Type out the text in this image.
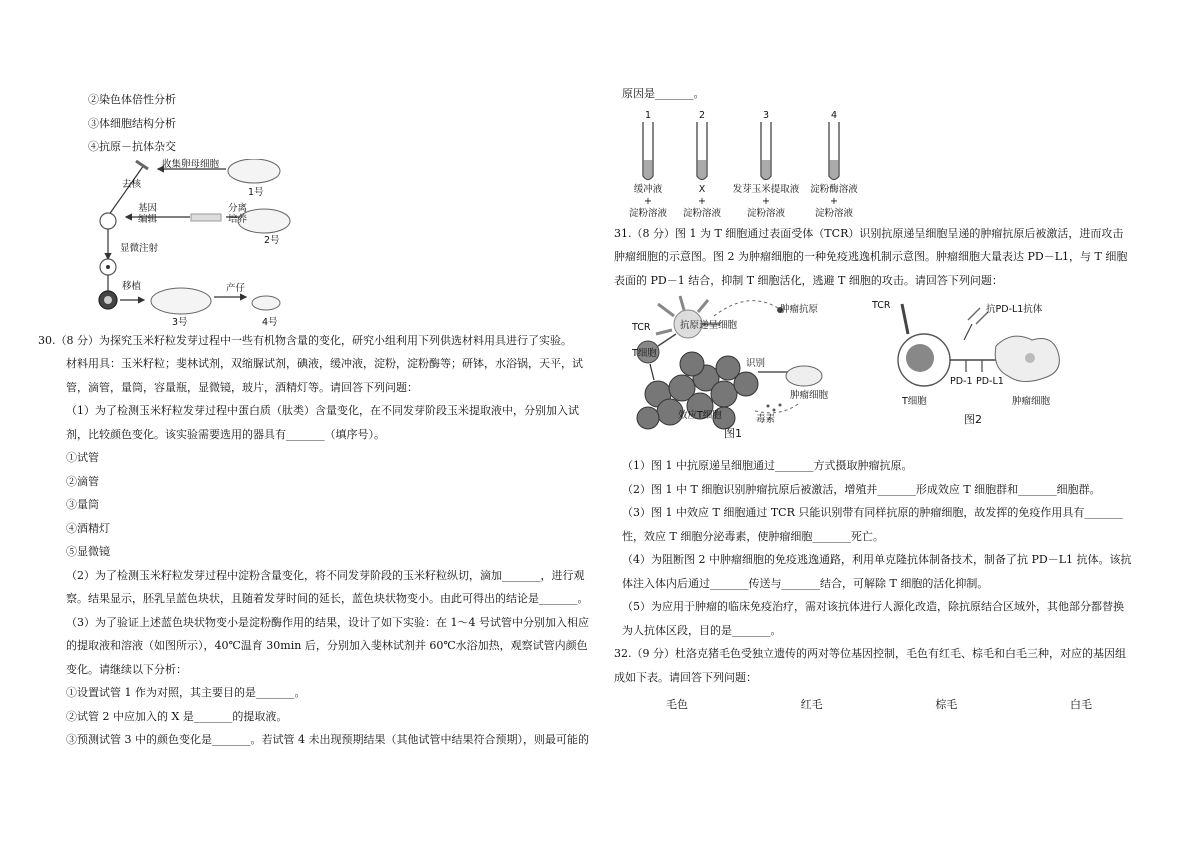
②染色体倍性分析

③体细胞结构分析

④抗原－抗体杂交

收集卵母细胞
去核
1号
基因
编辑
分离
培养
2号
显微注射
移植	产仔
3号	4号

30.（8 分）为探究玉米籽粒发芽过程中一些有机物含量的变化，研究小组利用下列供选材料用具进行了实验。

材料用具：玉米籽粒；斐林试剂，双缩脲试剂，碘液，缓冲液，淀粉，淀粉酶等；研钵，水浴锅，天平，试管，滴管，量筒，容量瓶，显微镜，玻片，酒精灯等。请回答下列问题：

（1）为了检测玉米籽粒发芽过程中蛋白质（肽类）含量变化，在不同发芽阶段玉米提取液中，分别加入试剂，比较颜色变化。该实验需要选用的器具有_______（填序号）。

①试管

②滴管

③量筒

④酒精灯

⑤显微镜

（2）为了检测玉米籽粒发芽过程中淀粉含量变化，将不同发芽阶段的玉米籽粒纵切，滴加_______，进行观察。结果显示，胚乳呈蓝色块状，且随着发芽时间的延长，蓝色块状物变小。由此可得出的结论是_______。

（3）为了验证上述蓝色块状物变小是淀粉酶作用的结果，设计了如下实验：在 1～4 号试管中分别加入相应的提取液和溶液（如图所示），40℃温育 30min 后，分别加入斐林试剂并 60℃水浴加热，观察试管内颜色变化。请继续以下分析：

①设置试管 1 作为对照，其主要目的是_______。

②试管 2 中应加入的 X 是_______的提取液。

③预测试管 3 中的颜色变化是_______。若试管 4 未出现预期结果（其他试管中结果符合预期），则最可能的

原因是_______。

1
缓冲液
+
淀粉溶液
2
X
+
淀粉溶液
3
发芽玉米提取液
+
淀粉溶液
4
淀粉酶溶液
+
淀粉溶液

31.（8 分）图 1 为 T 细胞通过表面受体（TCR）识别抗原递呈细胞呈递的肿瘤抗原后被激活，进而攻击肿瘤细胞的示意图。图 2 为肿瘤细胞的一种免疫逃逸机制示意图。肿瘤细胞大量表达 PD－L1，与 T 细胞表面的 PD－1 结合，抑制 T 细胞活化，逃避 T 细胞的攻击。请回答下列问题：

抗原递呈细胞
肿瘤抗原
TCR
T细胞
识别
肿瘤细胞
效应T细胞	毒素
图1
TCR	抗PD-L1抗体
PD-1 PD-L1
T细胞	肿瘤细胞
图2

（1）图 1 中抗原递呈细胞通过_______方式摄取肿瘤抗原。

（2）图 1 中 T 细胞识别肿瘤抗原后被激活，增殖并_______形成效应 T 细胞群和_______细胞群。

（3）图 1 中效应 T 细胞通过 TCR 只能识别带有同样抗原的肿瘤细胞，故发挥的免疫作用具有_______性，效应 T 细胞分泌毒素，使肿瘤细胞_______死亡。

（4）为阻断图 2 中肿瘤细胞的免疫逃逸通路，利用单克隆抗体制备技术，制备了抗 PD－L1 抗体。该抗体注入体内后通过_______传送与_______结合，可解除 T 细胞的活化抑制。

（5）为应用于肿瘤的临床免疫治疗，需对该抗体进行人源化改造，除抗原结合区域外，其他部分都替换为人抗体区段，目的是_______。

32.（9 分）杜洛克猪毛色受独立遗传的两对等位基因控制，毛色有红毛、棕毛和白毛三种，对应的基因组成如下表。请回答下列问题：

毛色	红毛	棕毛	白毛
